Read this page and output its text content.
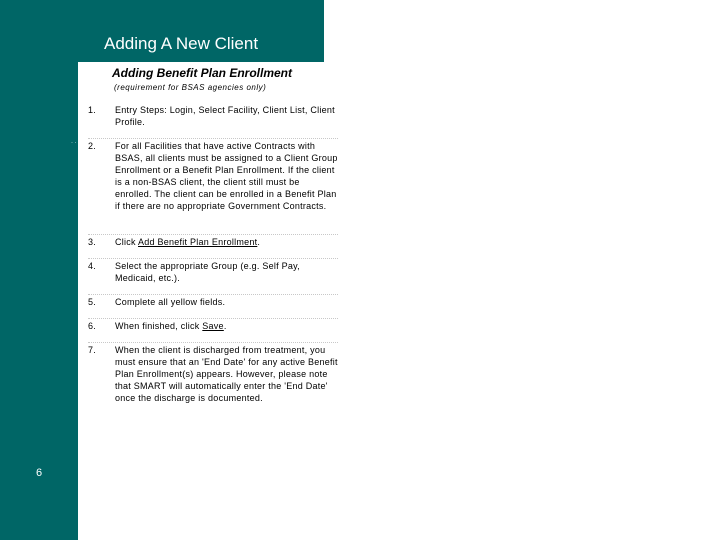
· ·
Adding A New Client
Adding Benefit Plan Enrollment
(requirement for BSAS agencies only)
1.	Entry Steps: Login, Select Facility, Client List, Client Profile.
2.	For all Facilities that have active Contracts with BSAS, all clients must be assigned to a Client Group Enrollment or a Benefit Plan Enrollment. If the client is a non-BSAS client, the client still must be enrolled. The client can be enrolled in a Benefit Plan if there are no appropriate Government Contracts.
3.	Click Add Benefit Plan Enrollment.
4.	Select the appropriate Group (e.g. Self Pay, Medicaid, etc.).
5.	Complete all yellow fields.
6.	When finished, click Save.
7.	When the client is discharged from treatment, you must ensure that an 'End Date' for any active Benefit Plan Enrollment(s) appears. However, please note that SMART will automatically enter the 'End Date' once the discharge is documented.
6
